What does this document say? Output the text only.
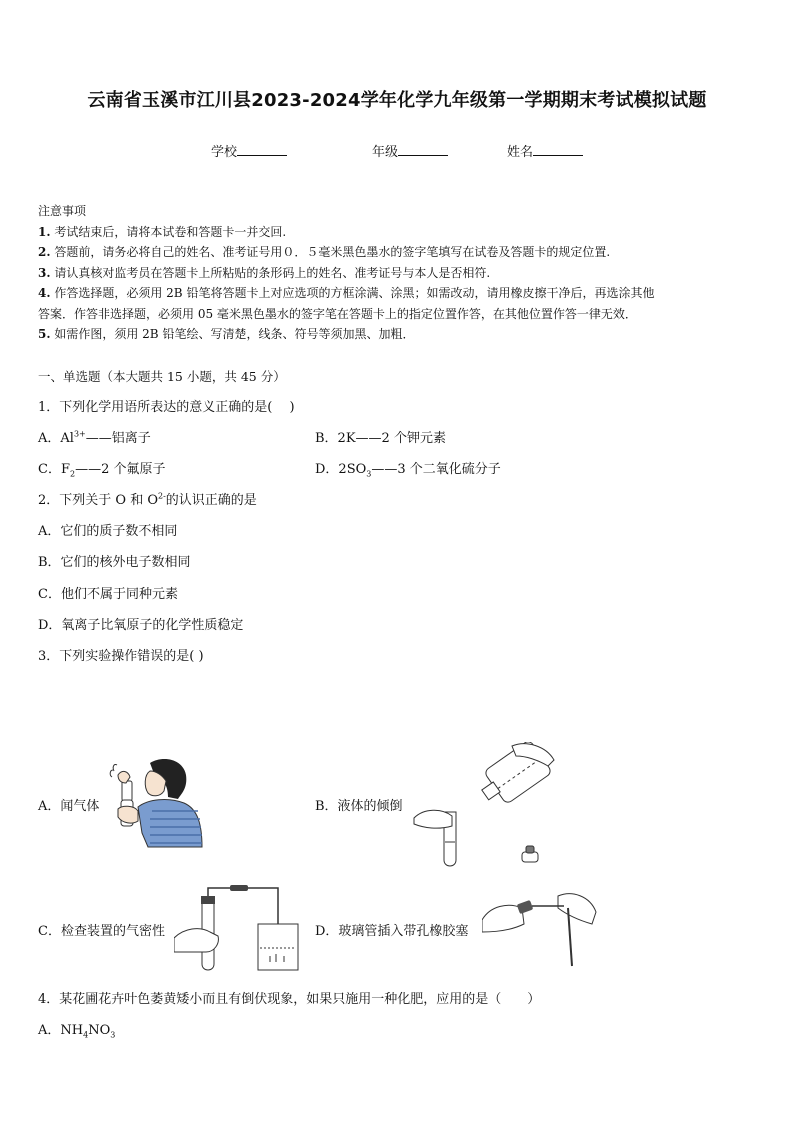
云南省玉溪市江川县2023-2024学年化学九年级第一学期期末考试模拟试题
学校	年级	姓名
注意事项
1. 考试结束后，请将本试卷和答题卡一并交回.
2. 答题前，请务必将自己的姓名、准考证号用０．５毫米黑色墨水的签字笔填写在试卷及答题卡的规定位置.
3. 请认真核对监考员在答题卡上所粘贴的条形码上的姓名、准考证号与本人是否相符.
4. 作答选择题，必须用 2B 铅笔将答题卡上对应选项的方框涂满、涂黑；如需改动，请用橡皮擦干净后，再选涂其他
答案．作答非选择题，必须用 05 毫米黑色墨水的签字笔在答题卡上的指定位置作答，在其他位置作答一律无效．
5. 如需作图，须用 2B 铅笔绘、写清楚，线条、符号等须加黑、加粗．
一、单选题（本大题共 15 小题，共 45 分）
1．下列化学用语所表达的意义正确的是(　 )
A．$Al^{3+}——$铝离子	B．2K——2 个钾元素
C．$F_2——2$ 个氟原子	D．$2SO_3——3$ 个二氧化硫分子
2．下列关于 O 和 $O^{2-}$的认识正确的是
A．它们的质子数不相同
B．它们的核外电子数相同
C．他们不属于同种元素
D．氧离子比氧原子的化学性质稳定
3．下列实验操作错误的是( )
A．闻气体	B．液体的倾倒
C．检查装置的气密性	D．玻璃管插入带孔橡胶塞
4．某花圃花卉叶色萎黄矮小而且有倒伏现象，如果只施用一种化肥，应用的是（　　）
A．$NH_4NO_3$
